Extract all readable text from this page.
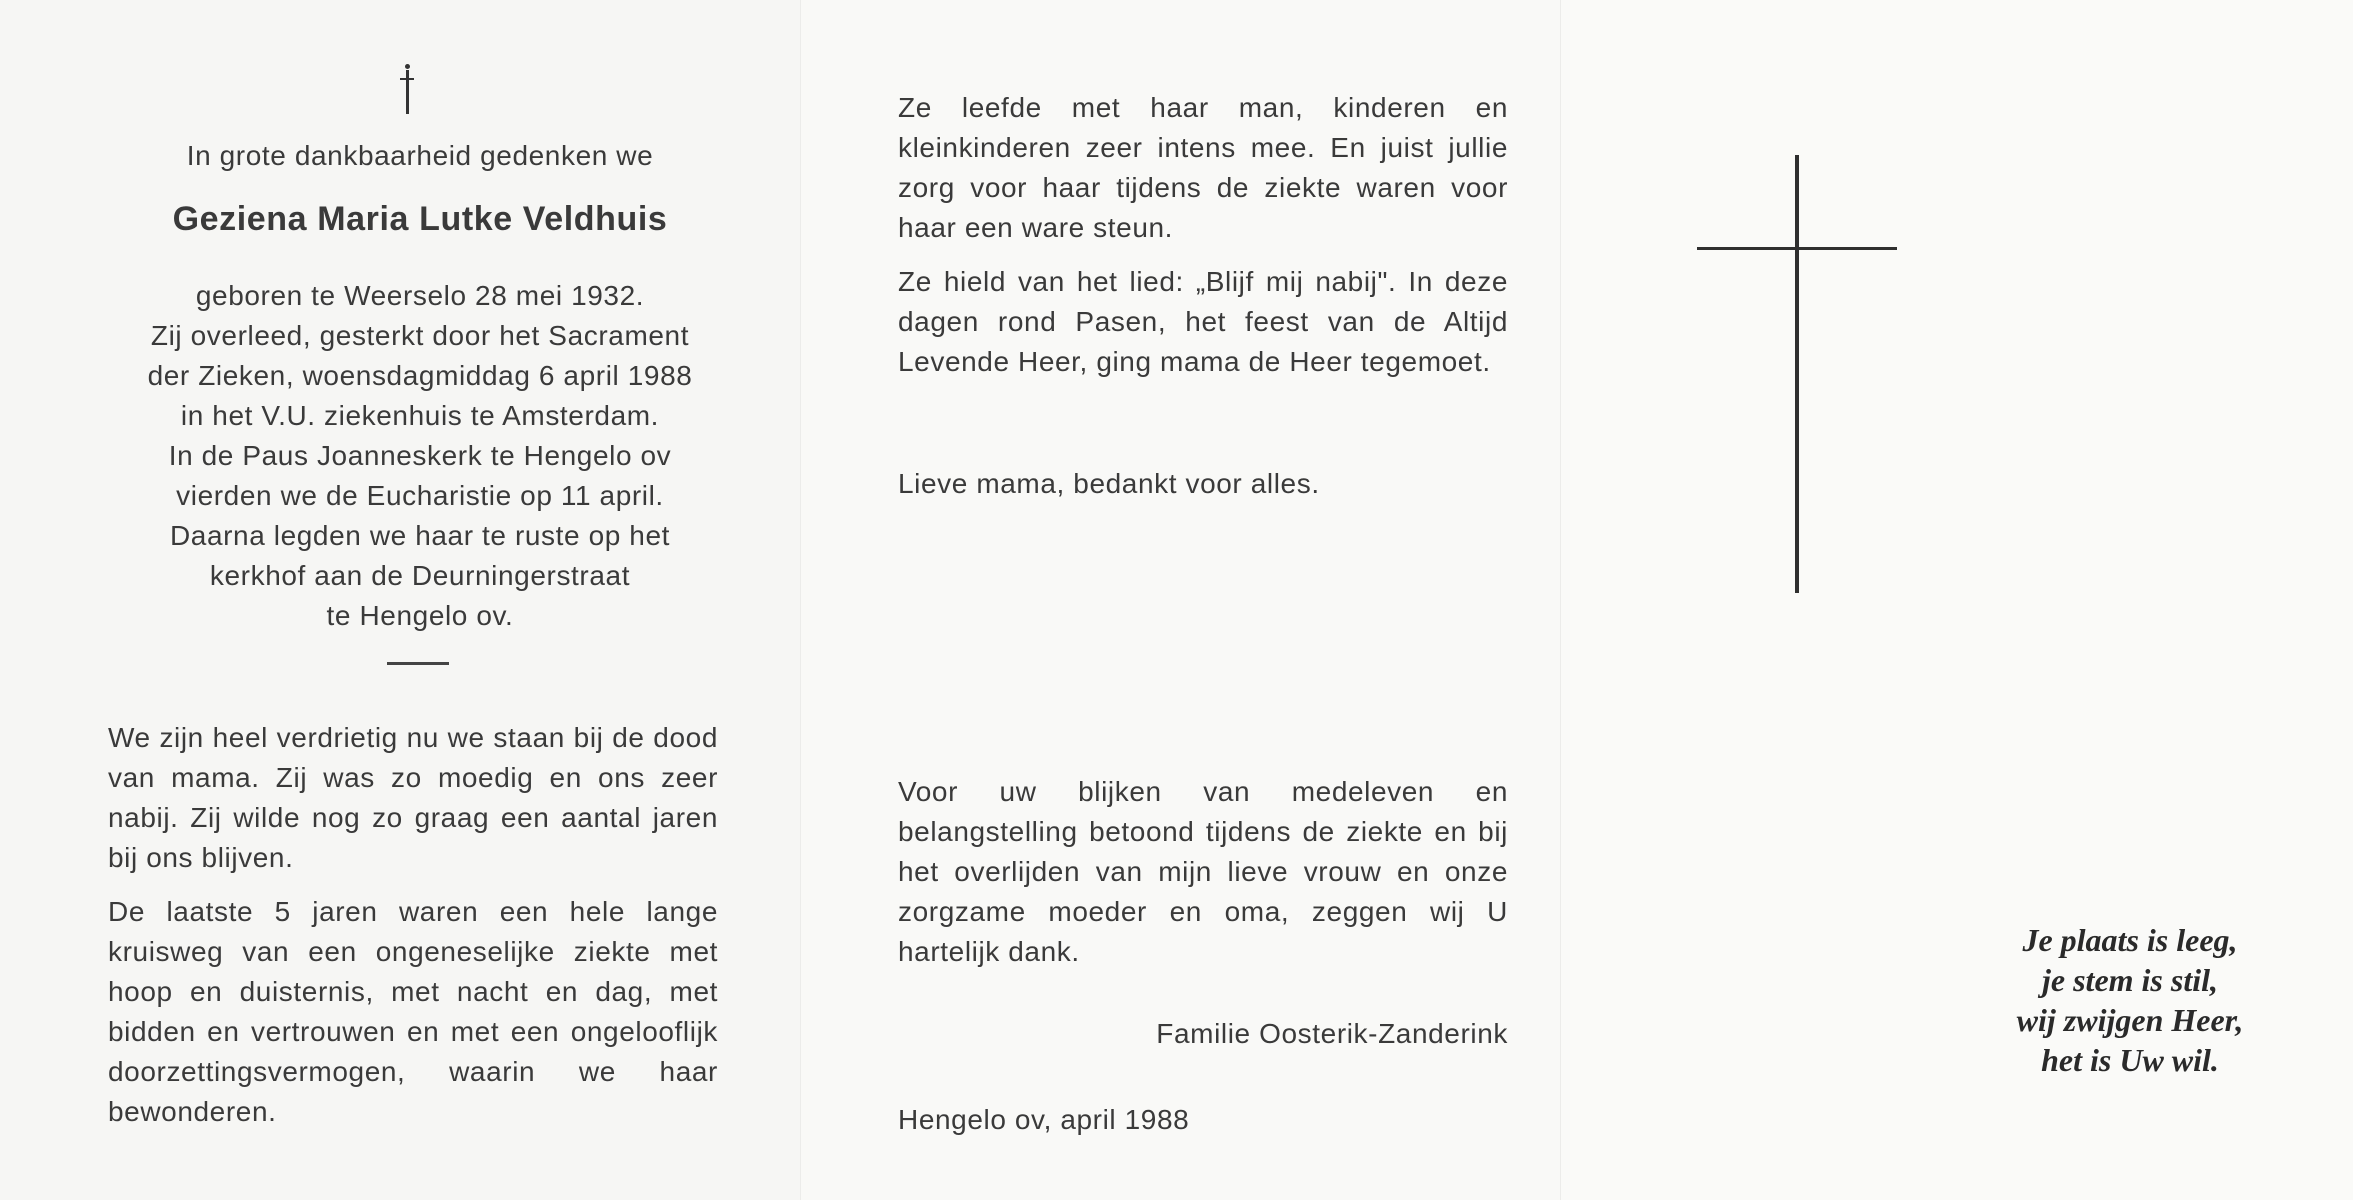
In grote dankbaarheid gedenken we
Geziena Maria Lutke Veldhuis
geboren te Weerselo 28 mei 1932.
Zij overleed, gesterkt door het Sacrament
der Zieken, woensdagmiddag 6 april 1988
in het V.U. ziekenhuis te Amsterdam.
In de Paus Joanneskerk te Hengelo ov
vierden we de Eucharistie op 11 april.
Daarna legden we haar te ruste op het
kerkhof aan de Deurningerstraat
te Hengelo ov.
We zijn heel verdrietig nu we staan bij de dood van mama. Zij was zo moedig en ons zeer nabij. Zij wilde nog zo graag een aantal jaren bij ons blijven.
De laatste 5 jaren waren een hele lange kruisweg van een ongeneselijke ziekte met hoop en duisternis, met nacht en dag, met bidden en vertrouwen en met een ongelooflijk doorzettingsvermogen, waarin we haar bewonderen.
Ze leefde met haar man, kinderen en kleinkinderen zeer intens mee. En juist jullie zorg voor haar tijdens de ziekte waren voor haar een ware steun.
Ze hield van het lied: „Blijf mij nabij". In deze dagen rond Pasen, het feest van de Altijd Levende Heer, ging mama de Heer tegemoet.
Lieve mama, bedankt voor alles.
Voor uw blijken van medeleven en belangstelling betoond tijdens de ziekte en bij het overlijden van mijn lieve vrouw en onze zorgzame moeder en oma, zeggen wij U hartelijk dank.
Familie Oosterik-Zanderink
Hengelo ov, april 1988
Je plaats is leeg,
je stem is stil,
wij zwijgen Heer,
het is Uw wil.
